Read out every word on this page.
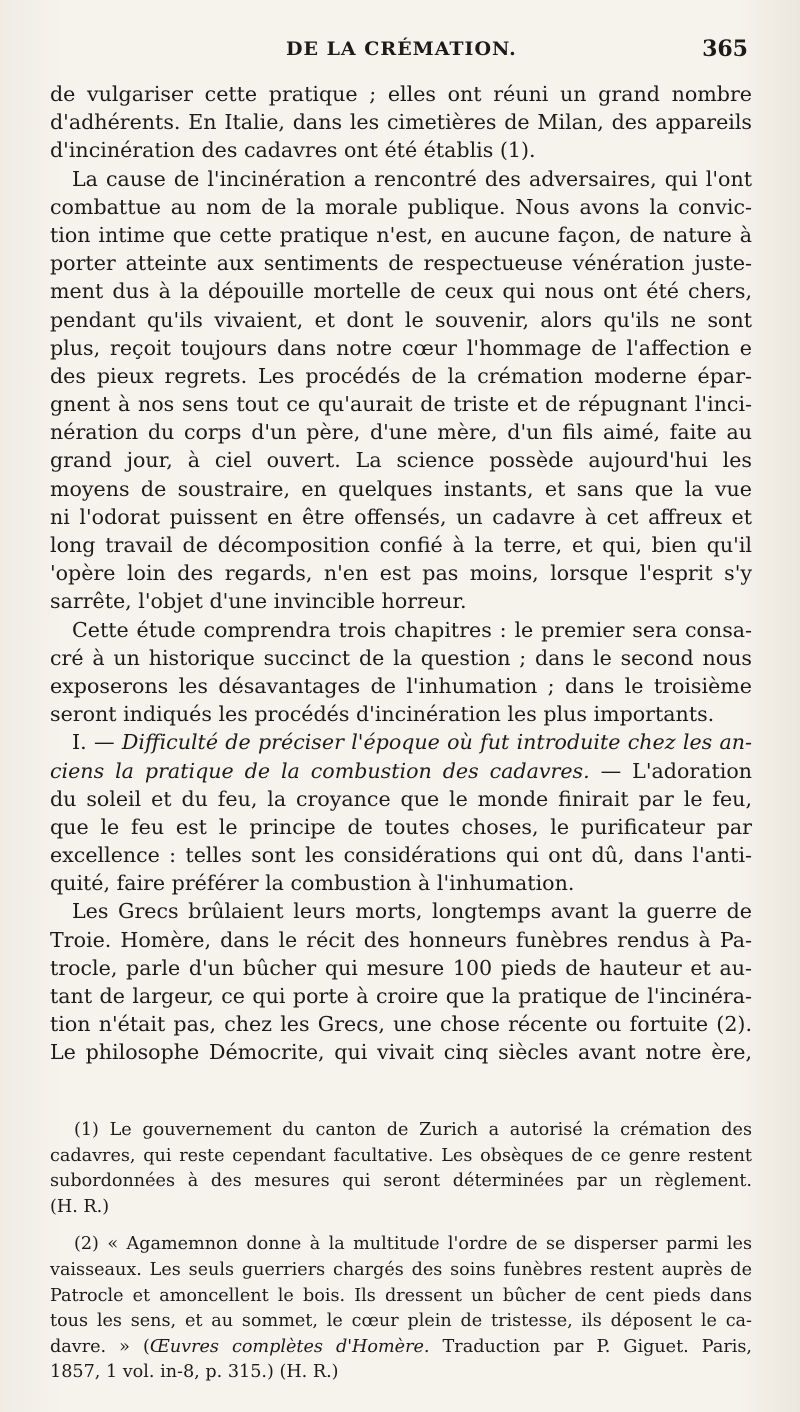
DE LA CRÉMATION.	365
de vulgariser cette pratique ; elles ont réuni un grand nombre
d'adhérents. En Italie, dans les cimetières de Milan, des appareils
d'incinération des cadavres ont été établis (1).
La cause de l'incinération a rencontré des adversaires, qui l'ont
combattue au nom de la morale publique. Nous avons la convic-
tion intime que cette pratique n'est, en aucune façon, de nature à
porter atteinte aux sentiments de respectueuse vénération juste-
ment dus à la dépouille mortelle de ceux qui nous ont été chers,
pendant qu'ils vivaient, et dont le souvenir, alors qu'ils ne sont
plus, reçoit toujours dans notre cœur l'hommage de l'affection e
des pieux regrets. Les procédés de la crémation moderne épar-
gnent à nos sens tout ce qu'aurait de triste et de répugnant l'inci-
nération du corps d'un père, d'une mère, d'un fils aimé, faite au
grand jour, à ciel ouvert. La science possède aujourd'hui les
moyens de soustraire, en quelques instants, et sans que la vue
ni l'odorat puissent en être offensés, un cadavre à cet affreux et
long travail de décomposition confié à la terre, et qui, bien qu'il
'opère loin des regards, n'en est pas moins, lorsque l'esprit s'y
sarrête, l'objet d'une invincible horreur.
Cette étude comprendra trois chapitres : le premier sera consa-
cré à un historique succinct de la question ; dans le second nous
exposerons les désavantages de l'inhumation ; dans le troisième
seront indiqués les procédés d'incinération les plus importants.
I. — Difficulté de préciser l'époque où fut introduite chez les an-
ciens la pratique de la combustion des cadavres. — L'adoration
du soleil et du feu, la croyance que le monde finirait par le feu,
que le feu est le principe de toutes choses, le purificateur par
excellence : telles sont les considérations qui ont dû, dans l'anti-
quité, faire préférer la combustion à l'inhumation.
Les Grecs brûlaient leurs morts, longtemps avant la guerre de
Troie. Homère, dans le récit des honneurs funèbres rendus à Pa-
trocle, parle d'un bûcher qui mesure 100 pieds de hauteur et au-
tant de largeur, ce qui porte à croire que la pratique de l'incinéra-
tion n'était pas, chez les Grecs, une chose récente ou fortuite (2).
Le philosophe Démocrite, qui vivait cinq siècles avant notre ère,
(1) Le gouvernement du canton de Zurich a autorisé la crémation des
cadavres, qui reste cependant facultative. Les obsèques de ce genre restent
subordonnées à des mesures qui seront déterminées par un règlement.
(H. R.)
(2) « Agamemnon donne à la multitude l'ordre de se disperser parmi les
vaisseaux. Les seuls guerriers chargés des soins funèbres restent auprès de
Patrocle et amoncellent le bois. Ils dressent un bûcher de cent pieds dans
tous les sens, et au sommet, le cœur plein de tristesse, ils déposent le ca-
davre. » (Œuvres complètes d'Homère. Traduction par P. Giguet. Paris,
1857, 1 vol. in-8, p. 315.) (H. R.)
